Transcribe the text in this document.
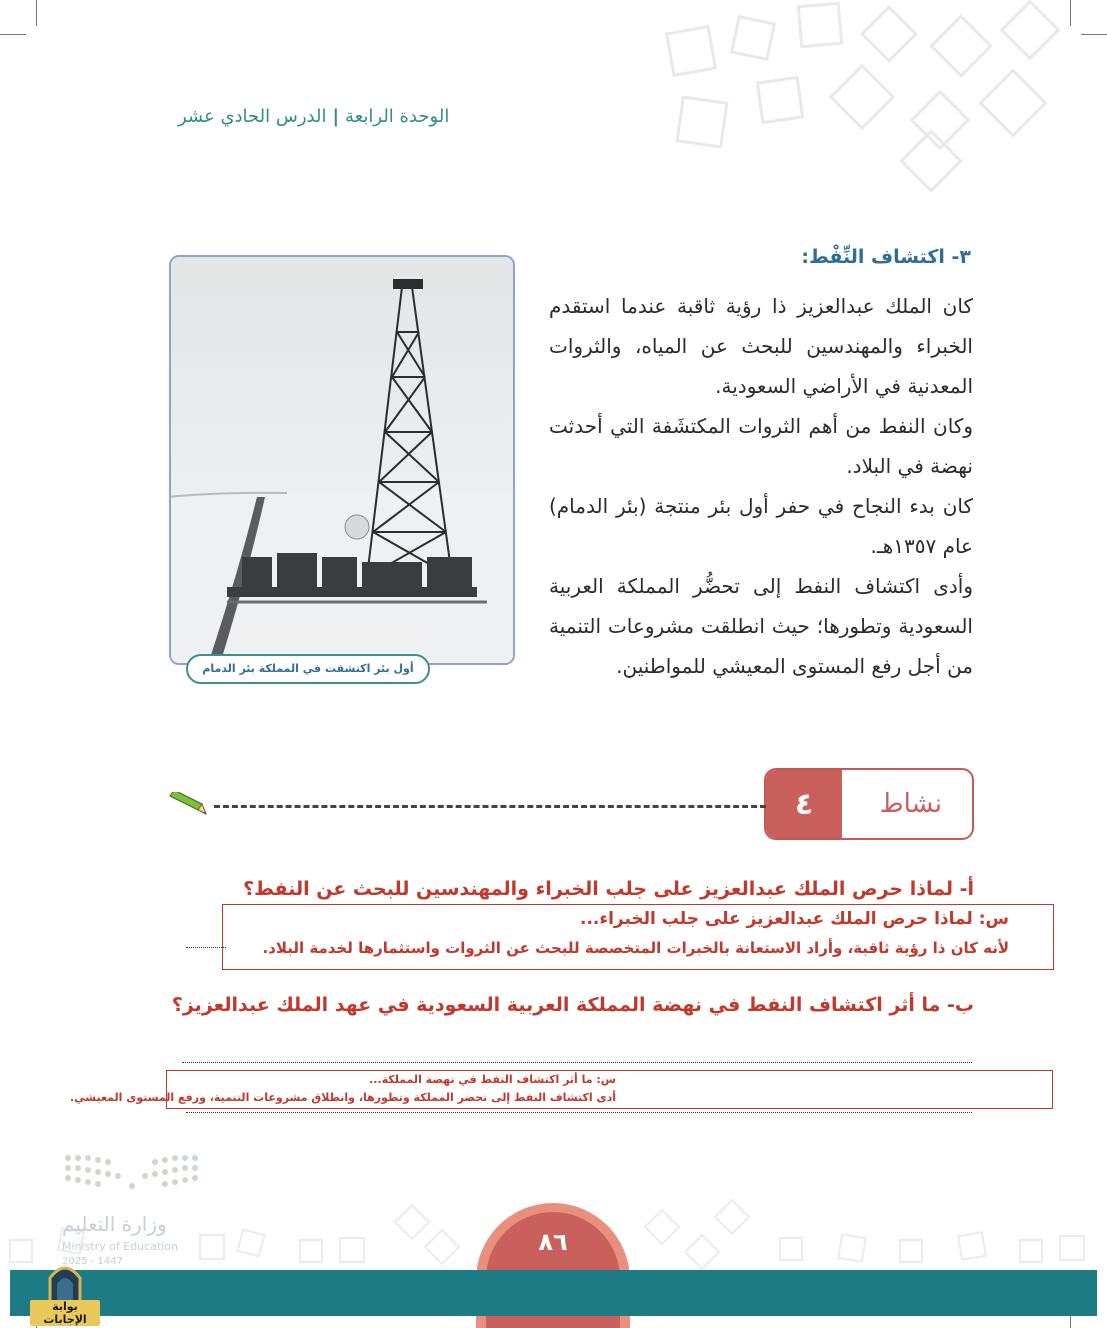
الوحدة الرابعة|الدرس الحادي عشر
٣- اكتشاف النِّفْط:

كان الملك عبدالعزيز ذا رؤية ثاقبة عندما استقدم الخبراء والمهندسين للبحث عن المياه، والثروات المعدنية في الأراضي السعودية.

وكان النفط من أهم الثروات المكتشَفة التي أحدثت نهضة في البلاد.

كان بدء النجاح في حفر أول بئر منتجة (بئر الدمام) عام ١٣٥٧هـ.

وأدى اكتشاف النفط إلى تحضُّر المملكة العربية السعودية وتطورها؛ حيث انطلقت مشروعات التنمية من أجل رفع المستوى المعيشي للمواطنين.

أول بئر اكتشفت في المملكة بئر الدمام
٤	نشاط
أ- لماذا حرص الملك عبدالعزيز على جلب الخبراء والمهندسين للبحث عن النفط؟
س: لماذا حرص الملك عبدالعزيز على جلب الخبراء...
لأنه كان ذا رؤية ثاقبة، وأراد الاستعانة بالخبرات المتخصصة للبحث عن الثروات واستثمارها لخدمة البلاد.
ب- ما أثر اكتشاف النفط في نهضة المملكة العربية السعودية في عهد الملك عبدالعزيز؟
س: ما أثر اكتشاف النفط في نهضة المملكة...
أدى اكتشاف النفط إلى تحضر المملكة وتطورها، وانطلاق مشروعات التنمية، ورفع المستوى المعيشي.
وزارة التعليم
Ministry of Education
2025 - 1447
٨٦
بوابة الإجابات
